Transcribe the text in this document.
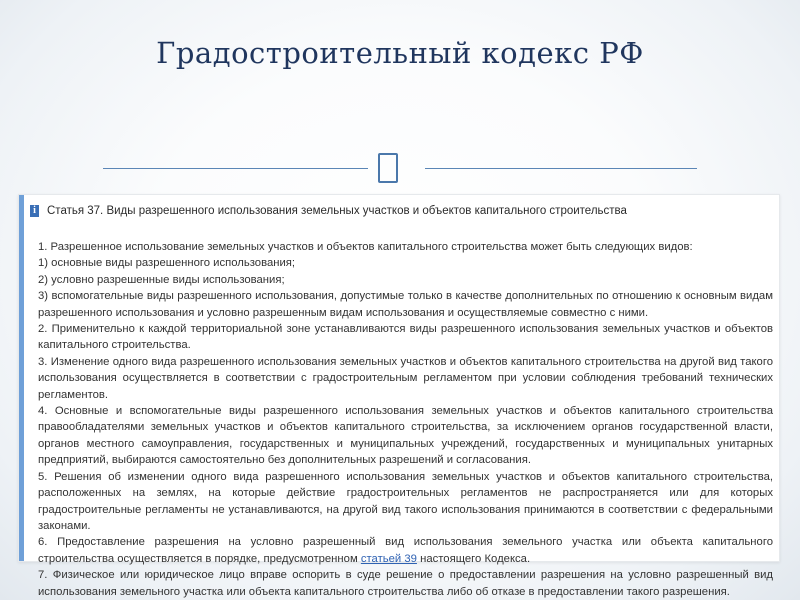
Градостроительный кодекс РФ
i Статья 37. Виды разрешенного использования земельных участков и объектов капитального строительства

1. Разрешенное использование земельных участков и объектов капитального строительства может быть следующих видов:

1) основные виды разрешенного использования;

2) условно разрешенные виды использования;

3) вспомогательные виды разрешенного использования, допустимые только в качестве дополнительных по отношению к основным видам разрешенного использования и условно разрешенным видам использования и осуществляемые совместно с ними.

2. Применительно к каждой территориальной зоне устанавливаются виды разрешенного использования земельных участков и объектов капитального строительства.

3. Изменение одного вида разрешенного использования земельных участков и объектов капитального строительства на другой вид такого использования осуществляется в соответствии с градостроительным регламентом при условии соблюдения требований технических регламентов.

4. Основные и вспомогательные виды разрешенного использования земельных участков и объектов капитального строительства правообладателями земельных участков и объектов капитального строительства, за исключением органов государственной власти, органов местного самоуправления, государственных и муниципальных учреждений, государственных и муниципальных унитарных предприятий, выбираются самостоятельно без дополнительных разрешений и согласования.

5. Решения об изменении одного вида разрешенного использования земельных участков и объектов капитального строительства, расположенных на землях, на которые действие градостроительных регламентов не распространяется или для которых градостроительные регламенты не устанавливаются, на другой вид такого использования принимаются в соответствии с федеральными законами.

6. Предоставление разрешения на условно разрешенный вид использования земельного участка или объекта капитального строительства осуществляется в порядке, предусмотренном статьей 39 настоящего Кодекса.

7. Физическое или юридическое лицо вправе оспорить в суде решение о предоставлении разрешения на условно разрешенный вид использования земельного участка или объекта капитального строительства либо об отказе в предоставлении такого разрешения.
